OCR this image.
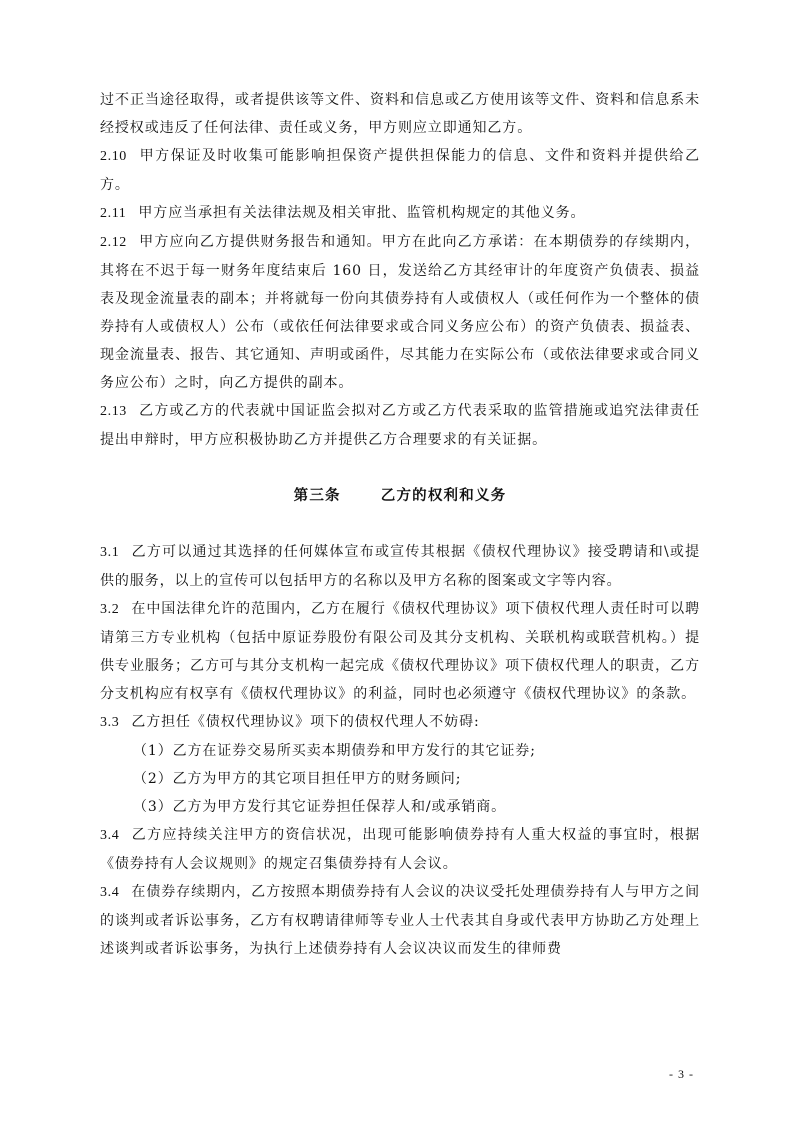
过不正当途径取得，或者提供该等文件、资料和信息或乙方使用该等文件、资料和信息系未经授权或违反了任何法律、责任或义务，甲方则应立即通知乙方。

2.10 甲方保证及时收集可能影响担保资产提供担保能力的信息、文件和资料并提供给乙方。

2.11 甲方应当承担有关法律法规及相关审批、监管机构规定的其他义务。

2.12 甲方应向乙方提供财务报告和通知。甲方在此向乙方承诺：在本期债券的存续期内，其将在不迟于每一财务年度结束后 160 日，发送给乙方其经审计的年度资产负债表、损益表及现金流量表的副本；并将就每一份向其债券持有人或债权人（或任何作为一个整体的债券持有人或债权人）公布（或依任何法律要求或合同义务应公布）的资产负债表、损益表、现金流量表、报告、其它通知、声明或函件，尽其能力在实际公布（或依法律要求或合同义务应公布）之时，向乙方提供的副本。

2.13 乙方或乙方的代表就中国证监会拟对乙方或乙方代表采取的监管措施或追究法律责任提出申辩时，甲方应积极协助乙方并提供乙方合理要求的有关证据。

第三条	乙方的权利和义务

3.1 乙方可以通过其选择的任何媒体宣布或宣传其根据《债权代理协议》接受聘请和\或提供的服务，以上的宣传可以包括甲方的名称以及甲方名称的图案或文字等内容。

3.2 在中国法律允许的范围内，乙方在履行《债权代理协议》项下债权代理人责任时可以聘请第三方专业机构（包括中原证券股份有限公司及其分支机构、关联机构或联营机构。）提供专业服务；乙方可与其分支机构一起完成《债权代理协议》项下债权代理人的职责，乙方分支机构应有权享有《债权代理协议》的利益，同时也必须遵守《债权代理协议》的条款。

3.3 乙方担任《债权代理协议》项下的债权代理人不妨碍:

（1）乙方在证券交易所买卖本期债券和甲方发行的其它证券;

（2）乙方为甲方的其它项目担任甲方的财务顾问;

（3）乙方为甲方发行其它证券担任保荐人和/或承销商。

3.4 乙方应持续关注甲方的资信状况，出现可能影响债券持有人重大权益的事宜时，根据《债券持有人会议规则》的规定召集债券持有人会议。

3.4 在债券存续期内，乙方按照本期债券持有人会议的决议受托处理债券持有人与甲方之间的谈判或者诉讼事务，乙方有权聘请律师等专业人士代表其自身或代表甲方协助乙方处理上述谈判或者诉讼事务，为执行上述债券持有人会议决议而发生的律师费

- 3 -
